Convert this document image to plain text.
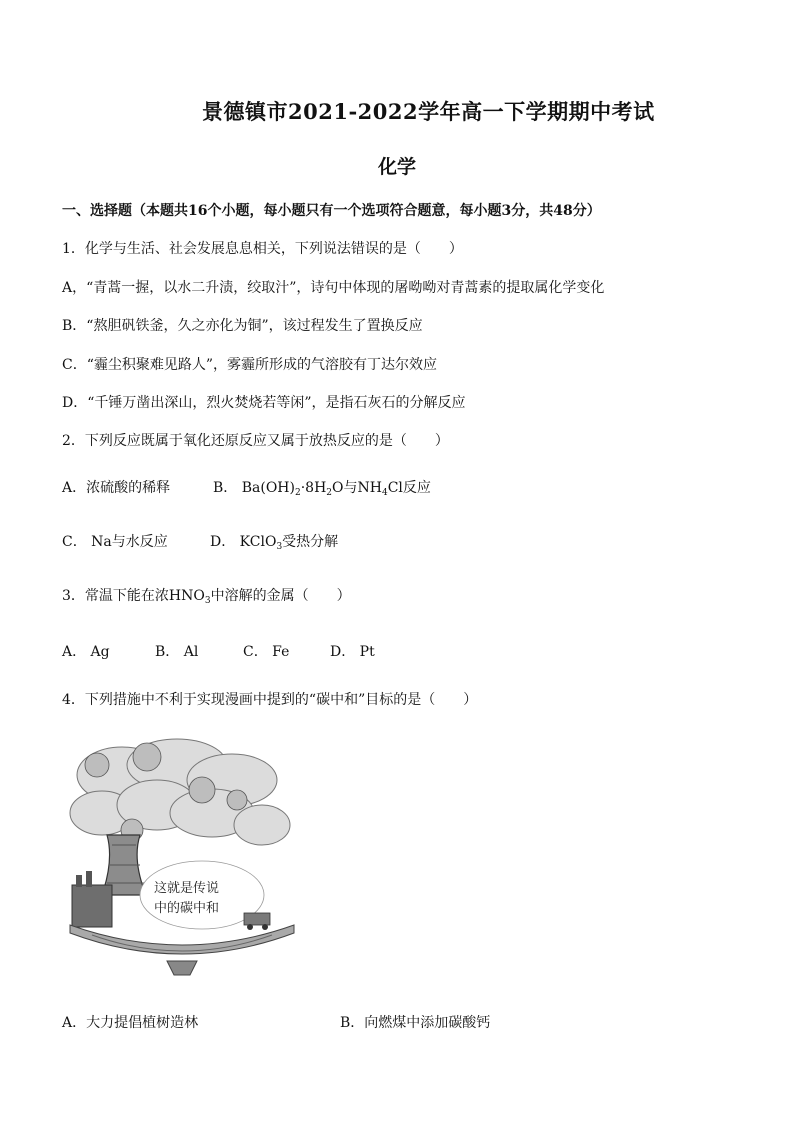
景德镇市2021-2022学年高一下学期期中考试
化学
一、选择题（本题共16个小题，每小题只有一个选项符合题意，每小题3分，共48分）
1．化学与生活、社会发展息息相关，下列说法错误的是（　　）
A，“青蒿一握，以水二升渍，绞取汁”，诗句中体现的屠呦呦对青蒿素的提取属化学变化
B．“熬胆矾铁釜，久之亦化为铜”，该过程发生了置换反应
C．“霾尘积聚难见路人”，雾霾所形成的气溶胶有丁达尔效应
D．“千锤万凿出深山，烈火焚烧若等闲”，是指石灰石的分解反应
2．下列反应既属于氧化还原反应又属于放热反应的是（　　）
A．浓硫酸的稀释	B． $Ba(OH)_2\cdot 8H_2O$与$NH_4Cl$反应
C． Na与水反应	D． KClO$_3$受热分解
3．常温下能在浓$HNO_3$中溶解的金属（　　）
A． Ag	B． Al	C． Fe	D． Pt
4．下列措施中不利于实现漫画中提到的“碳中和”目标的是（　　）
这就是传说
中的碳中和
A．大力提倡植树造林	B．向燃煤中添加碳酸钙
